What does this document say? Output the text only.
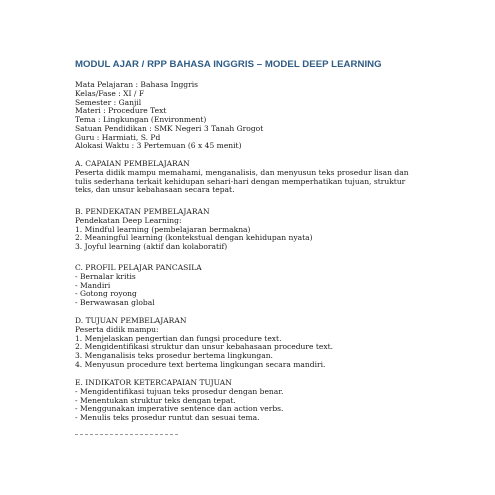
MODUL AJAR / RPP BAHASA INGGRIS – MODEL DEEP LEARNING
Mata Pelajaran : Bahasa Inggris
Kelas/Fase : XI / F
Semester : Ganjil
Materi : Procedure Text
Tema : Lingkungan (Environment)
Satuan Pendidikan : SMK Negeri 3 Tanah Grogot
Guru : Harmiati, S. Pd
Alokasi Waktu : 3 Pertemuan (6 x 45 menit)
A. CAPAIAN PEMBELAJARAN
Peserta didik mampu memahami, menganalisis, dan menyusun teks prosedur lisan dan tulis sederhana terkait kehidupan sehari-hari dengan memperhatikan tujuan, struktur teks, dan unsur kebahasaan secara tepat.
B. PENDEKATAN PEMBELAJARAN
Pendekatan Deep Learning:
1. Mindful learning (pembelajaran bermakna)
2. Meaningful learning (kontekstual dengan kehidupan nyata)
3. Joyful learning (aktif dan kolaboratif)
C. PROFIL PELAJAR PANCASILA
- Bernalar kritis
- Mandiri
- Gotong royong
- Berwawasan global
D. TUJUAN PEMBELAJARAN
Peserta didik mampu:
1. Menjelaskan pengertian dan fungsi procedure text.
2. Mengidentifikasi struktur dan unsur kebahasaan procedure text.
3. Menganalisis teks prosedur bertema lingkungan.
4. Menyusun procedure text bertema lingkungan secara mandiri.
E. INDIKATOR KETERCAPAIAN TUJUAN
- Mengidentifikasi tujuan teks prosedur dengan benar.
- Menentukan struktur teks dengan tepat.
- Menggunakan imperative sentence dan action verbs.
- Menulis teks prosedur runtut dan sesuai tema.
